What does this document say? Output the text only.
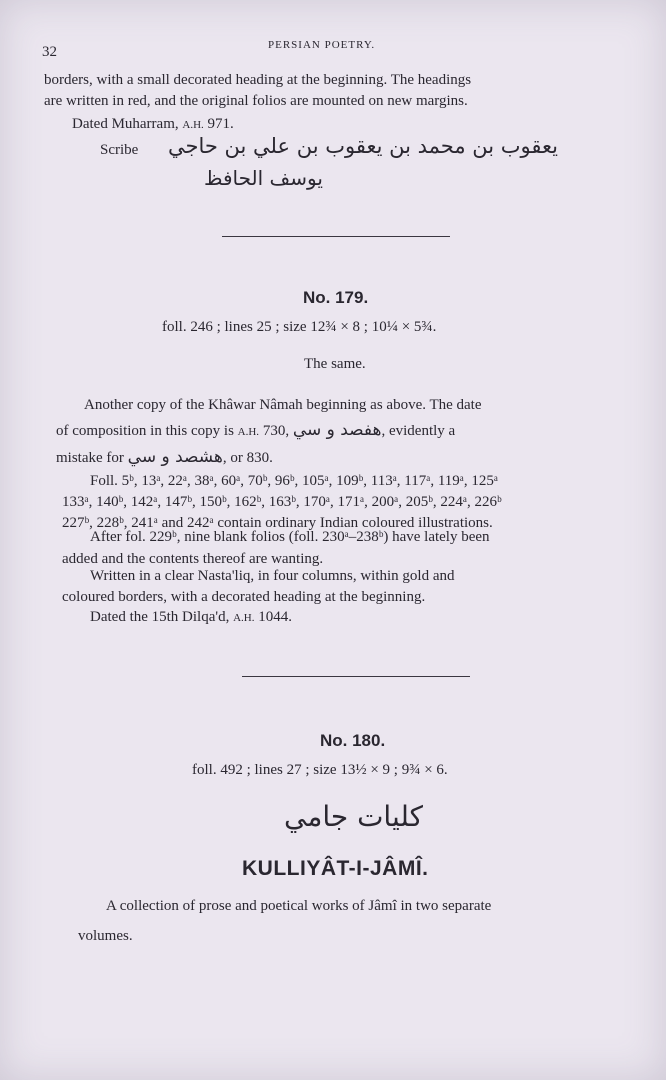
32	PERSIAN POETRY.
borders, with a small decorated heading at the beginning. The headings
are written in red, and the original folios are mounted on new margins.
Dated Muharram, A.H. 971.
Scribe يعقوب بن محمد بن يعقوب بن علي بن حاجي
يوسف الحافظ
No. 179.
foll. 246 ; lines 25 ; size 12¾ × 8 ; 10¼ × 5¾.
The same.
Another copy of the Khâwar Nâmah beginning as above. The date
of composition in this copy is A.H. 730, هفصد و سي, evidently a
mistake for هشصد و سي, or 830.
Foll. 5ᵇ, 13ᵃ, 22ᵃ, 38ᵃ, 60ᵃ, 70ᵇ, 96ᵇ, 105ᵃ, 109ᵇ, 113ᵃ, 117ᵃ, 119ᵃ, 125ᵃ
133ᵃ, 140ᵇ, 142ᵃ, 147ᵇ, 150ᵇ, 162ᵇ, 163ᵇ, 170ᵃ, 171ᵃ, 200ᵃ, 205ᵇ, 224ᵃ, 226ᵇ
227ᵇ, 228ᵇ, 241ᵃ and 242ᵃ contain ordinary Indian coloured illustrations.
After fol. 229ᵇ, nine blank folios (foll. 230ᵃ–238ᵇ) have lately been
added and the contents thereof are wanting.
Written in a clear Nasta'liq, in four columns, within gold and
coloured borders, with a decorated heading at the beginning.
Dated the 15th Dilqa'd, A.H. 1044.
No. 180.
foll. 492 ; lines 27 ; size 13½ × 9 ; 9¾ × 6.
كليات جامي
KULLIYÂT-I-JÂMÎ.
A collection of prose and poetical works of Jâmî in two separate
volumes.
